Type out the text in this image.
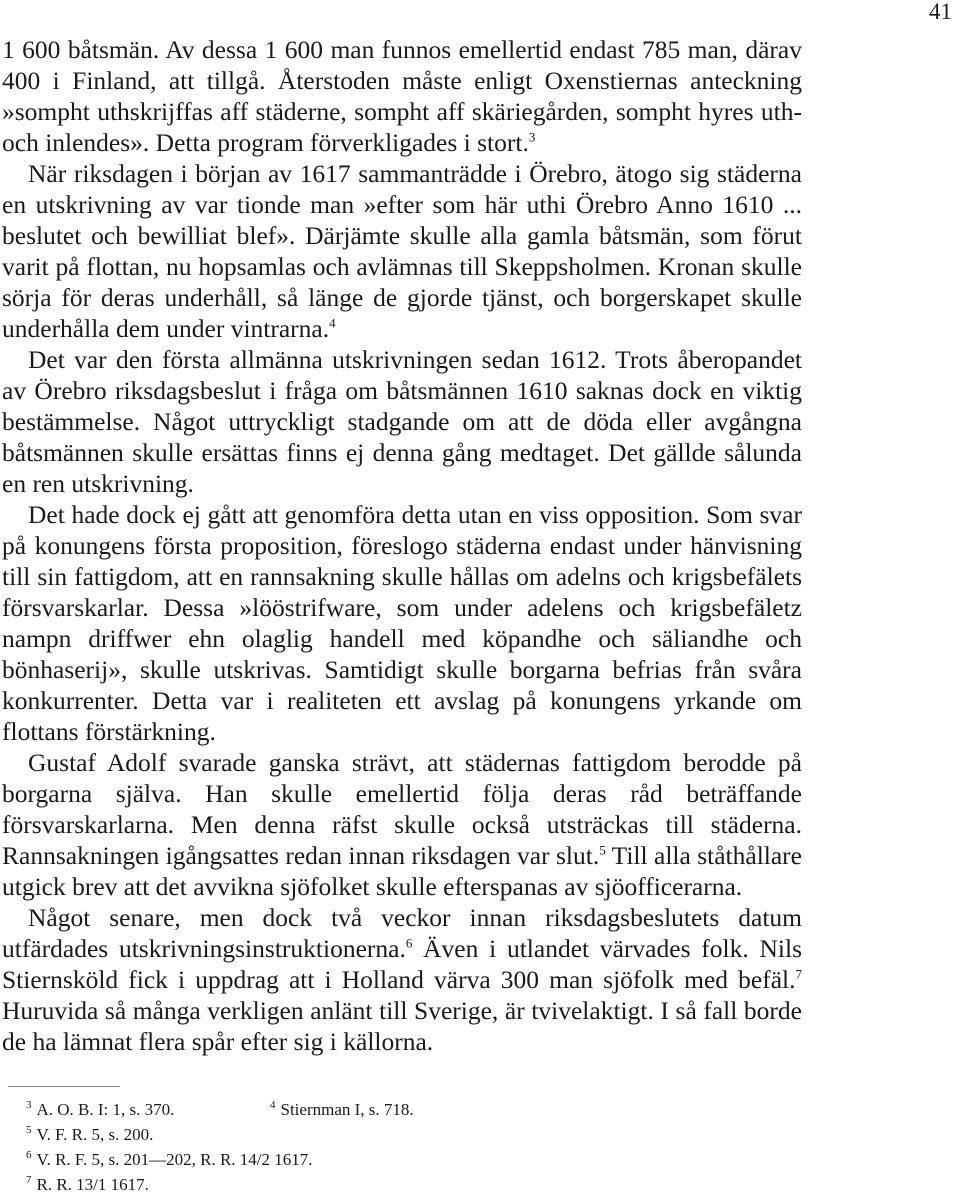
41

1 600 båtsmän. Av dessa 1 600 man funnos emellertid endast 785 man, därav 400 i Finland, att tillgå. Återstoden måste enligt Oxenstiernas anteckning »sompht uthskrijffas aff städerne, sompht aff skäriegården, sompht hyres uth- och inlendes». Detta program förverkligades i stort.$^3$

När riksdagen i början av 1617 sammanträdde i Örebro, ätogo sig städerna en utskrivning av var tionde man »efter som här uthi Örebro Anno 1610 ... beslutet och bewilliat blef». Därjämte skulle alla gamla båtsmän, som förut varit på flottan, nu hopsamlas och avlämnas till Skeppsholmen. Kronan skulle sörja för deras underhåll, så länge de gjorde tjänst, och borgerskapet skulle underhålla dem under vintrarna.$^4$

Det var den första allmänna utskrivningen sedan 1612. Trots åberopandet av Örebro riksdagsbeslut i fråga om båtsmännen 1610 saknas dock en viktig bestämmelse. Något uttryckligt stadgande om att de döda eller avgångna båtsmännen skulle ersättas finns ej denna gång medtaget. Det gällde sålunda en ren utskrivning.

Det hade dock ej gått att genomföra detta utan en viss opposition. Som svar på konungens första proposition, föreslogo städerna endast under hänvisning till sin fattigdom, att en rannsakning skulle hållas om adelns och krigsbefälets försvarskarlar. Dessa »lööstrifware, som under adelens och krigsbefäletz nampn driffwer ehn olaglig handell med köpandhe och säliandhe och bönhaserij», skulle utskrivas. Samtidigt skulle borgarna befrias från svåra konkurrenter. Detta var i realiteten ett avslag på konungens yrkande om flottans förstärkning.

Gustaf Adolf svarade ganska strävt, att städernas fattigdom berodde på borgarna själva. Han skulle emellertid följa deras råd beträffande försvarskarlarna. Men denna räfst skulle också utsträckas till städerna. Rannsakningen igångsattes redan innan riksdagen var slut.$^5$ Till alla ståthållare utgick brev att det avvikna sjöfolket skulle efterspanas av sjöofficerarna.

Något senare, men dock två veckor innan riksdagsbeslutets datum utfärdades utskrivningsinstruktionerna.$^6$ Även i utlandet värvades folk. Nils Stiernsköld fick i uppdrag att i Holland värva 300 man sjöfolk med befäl.$^7$ Huruvida så många verkligen anlänt till Sverige, är tvivelaktigt. I så fall borde de ha lämnat flera spår efter sig i källorna.

$^3$ A. O. B. I: 1, s. 370.	$^4$ Stiernman I, s. 718.
$^5$ V. F. R. 5, s. 200.
$^6$ V. R. F. 5, s. 201—202, R. R. 14/2 1617.
$^7$ R. R. 13/1 1617.
